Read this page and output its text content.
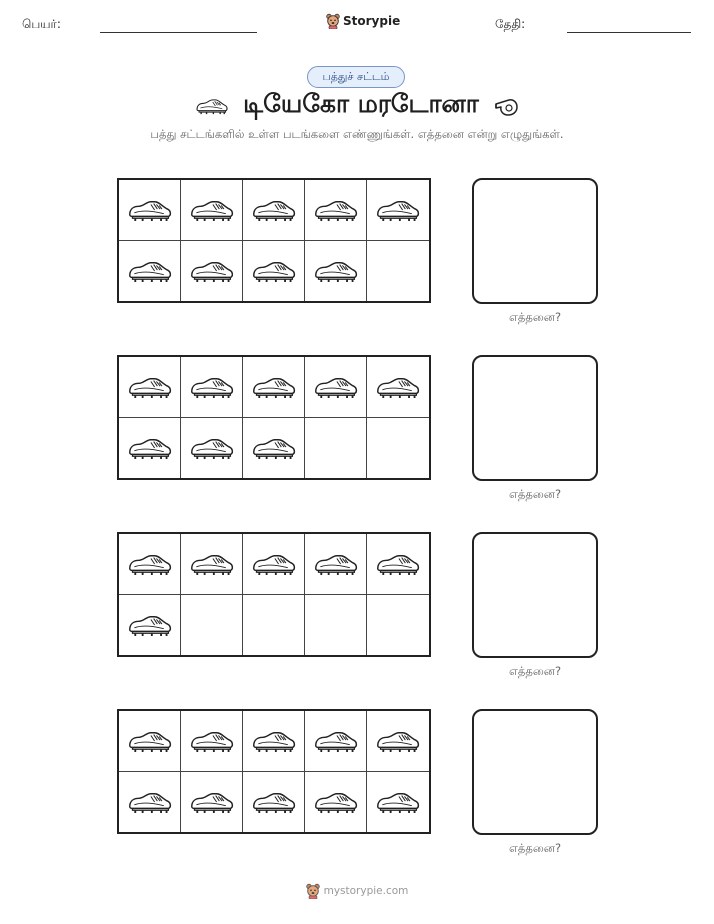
பெயர்:	Storypie	தேதி:
பத்துச் சட்டம்
டியேகோ மரடோனா
பத்து சட்டங்களில் உள்ள படங்களை எண்ணுங்கள். எத்தனை என்று எழுதுங்கள்.
எத்தனை?
எத்தனை?
எத்தனை?
எத்தனை?
mystorypie.com
